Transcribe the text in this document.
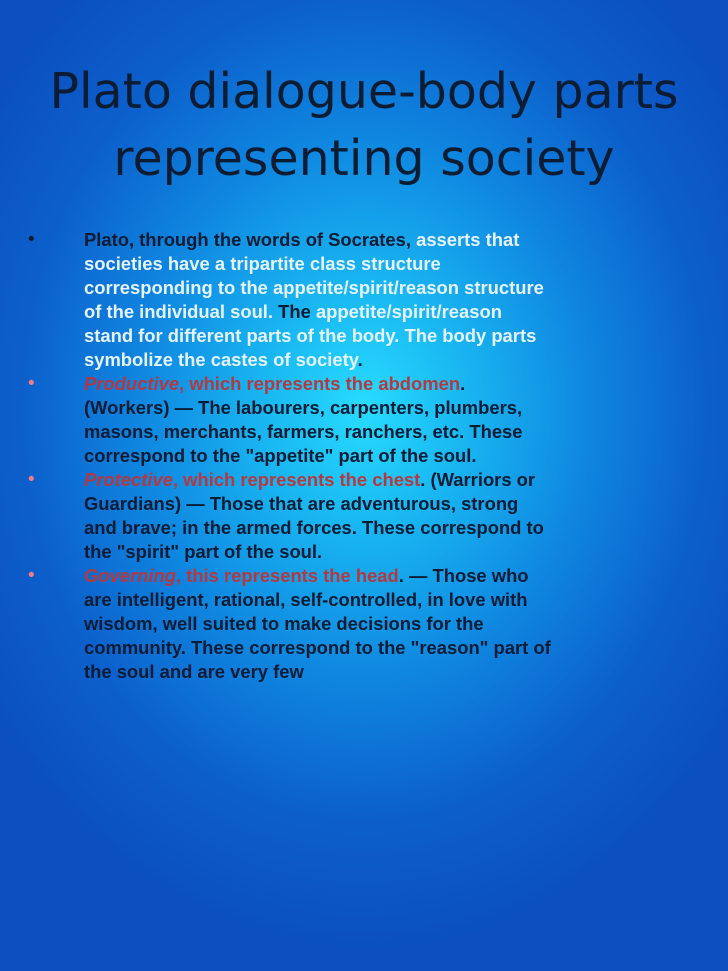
Plato dialogue-body parts
representing society
•	Plato, through the words of Socrates, asserts that
societies have a tripartite class structure
corresponding to the appetite/spirit/reason structure
of the individual soul. The appetite/spirit/reason
stand for different parts of the body. The body parts
symbolize the castes of society.
•	Productive, which represents the abdomen.
(Workers) — The labourers, carpenters, plumbers,
masons, merchants, farmers, ranchers, etc. These
correspond to the "appetite" part of the soul.
•	Protective, which represents the chest. (Warriors or
Guardians) — Those that are adventurous, strong
and brave; in the armed forces. These correspond to
the "spirit" part of the soul.
•	Governing, this represents the head. — Those who
are intelligent, rational, self-controlled, in love with
wisdom, well suited to make decisions for the
community. These correspond to the "reason" part of
the soul and are very few
